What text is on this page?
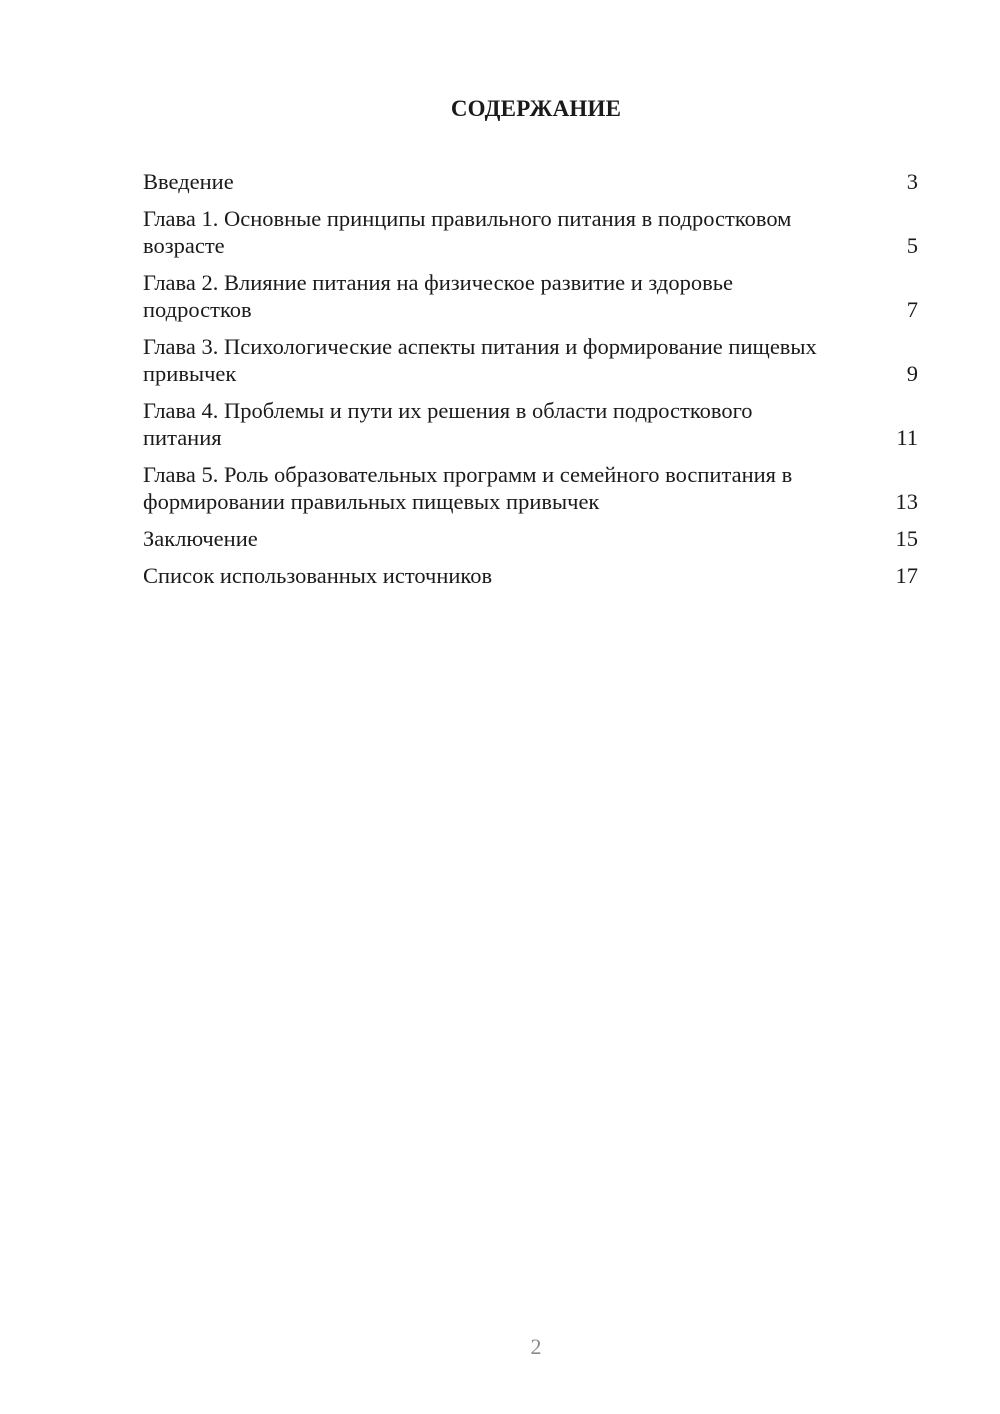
СОДЕРЖАНИЕ
Введение	3
Глава 1. Основные принципы правильного питания в подростковом возрасте	5
Глава 2. Влияние питания на физическое развитие и здоровье подростков	7
Глава 3. Психологические аспекты питания и формирование пищевых привычек	9
Глава 4. Проблемы и пути их решения в области подросткового питания	11
Глава 5. Роль образовательных программ и семейного воспитания в формировании правильных пищевых привычек	13
Заключение	15
Список использованных источников	17
2
